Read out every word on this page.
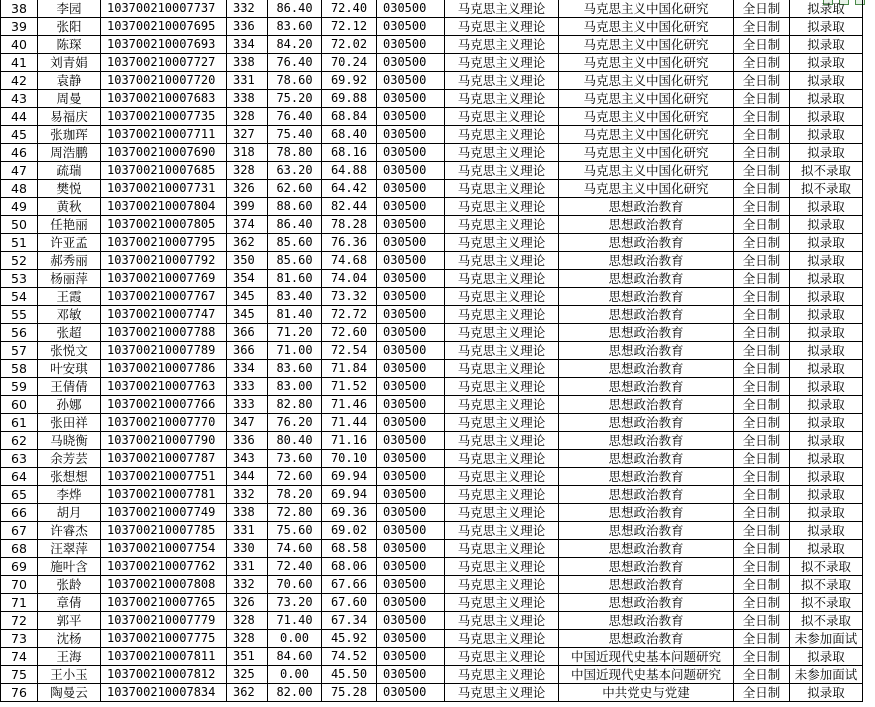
38	李园	103700210007737	332	86.40	72.40	030500	马克思主义理论	马克思主义中国化研究	全日制	拟录取
39	张阳	103700210007695	336	83.60	72.12	030500	马克思主义理论	马克思主义中国化研究	全日制	拟录取
40	陈琛	103700210007693	334	84.20	72.02	030500	马克思主义理论	马克思主义中国化研究	全日制	拟录取
41	刘青娟	103700210007727	338	76.40	70.24	030500	马克思主义理论	马克思主义中国化研究	全日制	拟录取
42	袁静	103700210007720	331	78.60	69.92	030500	马克思主义理论	马克思主义中国化研究	全日制	拟录取
43	周曼	103700210007683	338	75.20	69.88	030500	马克思主义理论	马克思主义中国化研究	全日制	拟录取
44	易福庆	103700210007735	328	76.40	68.84	030500	马克思主义理论	马克思主义中国化研究	全日制	拟录取
45	张珈珲	103700210007711	327	75.40	68.40	030500	马克思主义理论	马克思主义中国化研究	全日制	拟录取
46	周浩鹏	103700210007690	318	78.80	68.16	030500	马克思主义理论	马克思主义中国化研究	全日制	拟录取
47	疏瑞	103700210007685	328	63.20	64.88	030500	马克思主义理论	马克思主义中国化研究	全日制	拟不录取
48	樊悦	103700210007731	326	62.60	64.42	030500	马克思主义理论	马克思主义中国化研究	全日制	拟不录取
49	黄秋	103700210007804	399	88.60	82.44	030500	马克思主义理论	思想政治教育	全日制	拟录取
50	任艳丽	103700210007805	374	86.40	78.28	030500	马克思主义理论	思想政治教育	全日制	拟录取
51	许亚孟	103700210007795	362	85.60	76.36	030500	马克思主义理论	思想政治教育	全日制	拟录取
52	郝秀丽	103700210007792	350	85.60	74.68	030500	马克思主义理论	思想政治教育	全日制	拟录取
53	杨丽萍	103700210007769	354	81.60	74.04	030500	马克思主义理论	思想政治教育	全日制	拟录取
54	王霞	103700210007767	345	83.40	73.32	030500	马克思主义理论	思想政治教育	全日制	拟录取
55	邓敏	103700210007747	345	81.40	72.72	030500	马克思主义理论	思想政治教育	全日制	拟录取
56	张超	103700210007788	366	71.20	72.60	030500	马克思主义理论	思想政治教育	全日制	拟录取
57	张悦文	103700210007789	366	71.00	72.54	030500	马克思主义理论	思想政治教育	全日制	拟录取
58	叶安琪	103700210007786	334	83.60	71.84	030500	马克思主义理论	思想政治教育	全日制	拟录取
59	王倩倩	103700210007763	333	83.00	71.52	030500	马克思主义理论	思想政治教育	全日制	拟录取
60	孙娜	103700210007766	333	82.80	71.46	030500	马克思主义理论	思想政治教育	全日制	拟录取
61	张田祥	103700210007770	347	76.20	71.44	030500	马克思主义理论	思想政治教育	全日制	拟录取
62	马晓衡	103700210007790	336	80.40	71.16	030500	马克思主义理论	思想政治教育	全日制	拟录取
63	余芳芸	103700210007787	343	73.60	70.10	030500	马克思主义理论	思想政治教育	全日制	拟录取
64	张想想	103700210007751	344	72.60	69.94	030500	马克思主义理论	思想政治教育	全日制	拟录取
65	李烨	103700210007781	332	78.20	69.94	030500	马克思主义理论	思想政治教育	全日制	拟录取
66	胡月	103700210007749	338	72.80	69.36	030500	马克思主义理论	思想政治教育	全日制	拟录取
67	许睿杰	103700210007785	331	75.60	69.02	030500	马克思主义理论	思想政治教育	全日制	拟录取
68	汪翠萍	103700210007754	330	74.60	68.58	030500	马克思主义理论	思想政治教育	全日制	拟录取
69	施叶含	103700210007762	331	72.40	68.06	030500	马克思主义理论	思想政治教育	全日制	拟不录取
70	张龄	103700210007808	332	70.60	67.66	030500	马克思主义理论	思想政治教育	全日制	拟不录取
71	章倩	103700210007765	326	73.20	67.60	030500	马克思主义理论	思想政治教育	全日制	拟不录取
72	郭平	103700210007779	328	71.40	67.34	030500	马克思主义理论	思想政治教育	全日制	拟不录取
73	沈杨	103700210007775	328	0.00	45.92	030500	马克思主义理论	思想政治教育	全日制	未参加面试
74	王海	103700210007811	351	84.60	74.52	030500	马克思主义理论	中国近现代史基本问题研究	全日制	拟录取
75	王小玉	103700210007812	325	0.00	45.50	030500	马克思主义理论	中国近现代史基本问题研究	全日制	未参加面试
76	陶曼云	103700210007834	362	82.00	75.28	030500	马克思主义理论	中共党史与党建	全日制	拟录取
